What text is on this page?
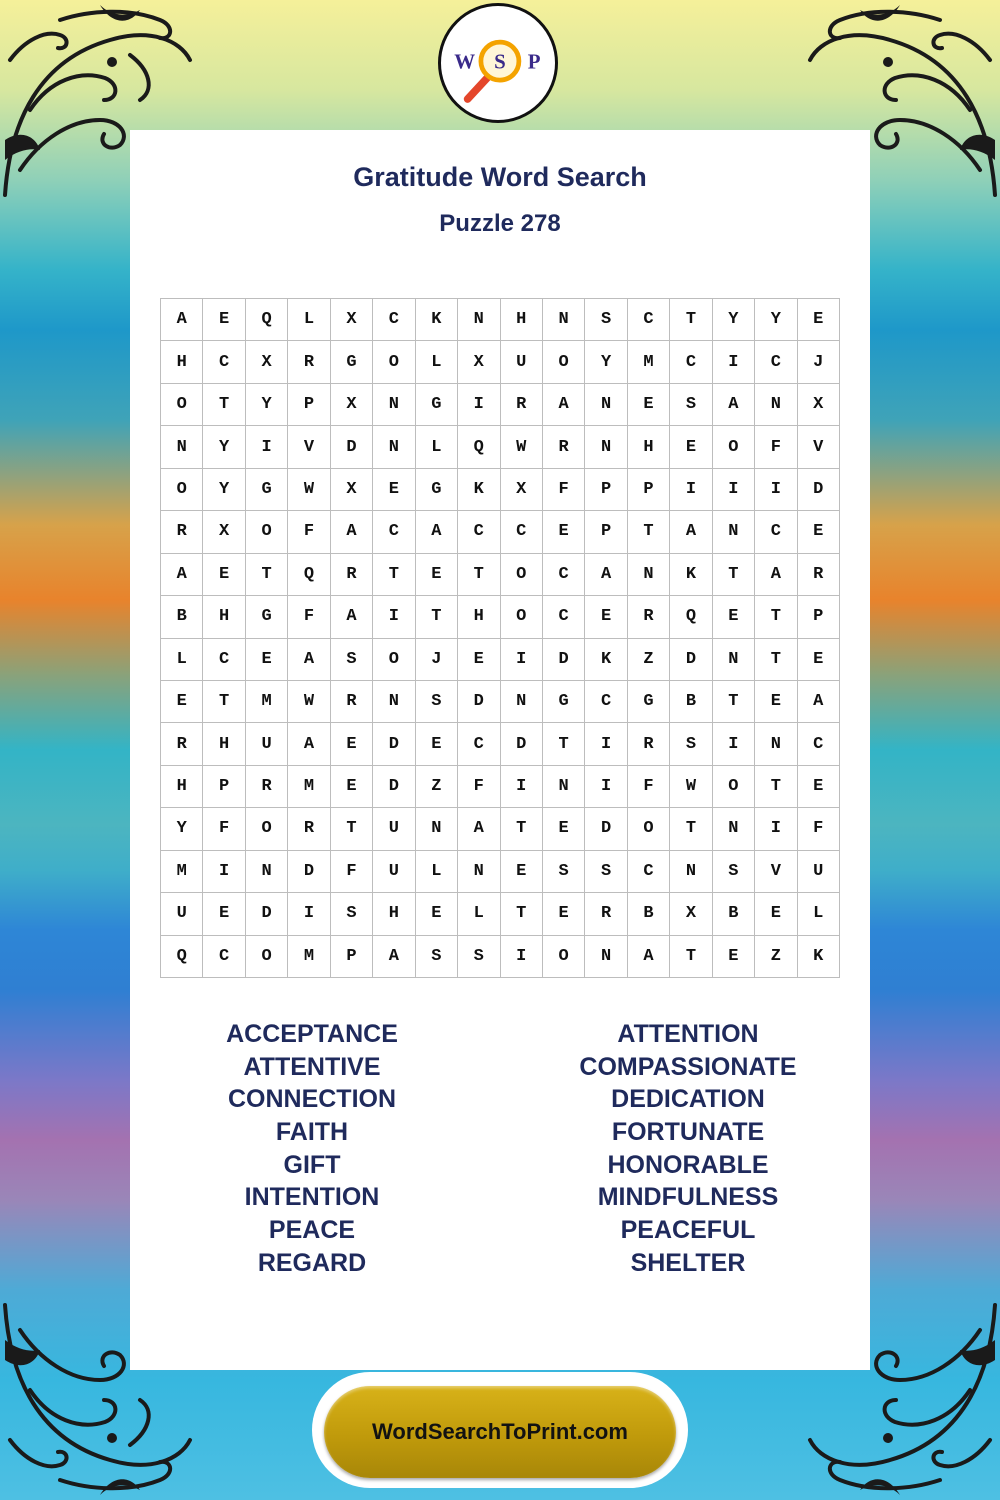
W S P
Gratitude Word Search
Puzzle 278
A	E	Q	L	X	C	K	N	H	N	S	C	T	Y	Y	E
H	C	X	R	G	O	L	X	U	O	Y	M	C	I	C	J
O	T	Y	P	X	N	G	I	R	A	N	E	S	A	N	X
N	Y	I	V	D	N	L	Q	W	R	N	H	E	O	F	V
O	Y	G	W	X	E	G	K	X	F	P	P	I	I	I	D
R	X	O	F	A	C	A	C	C	E	P	T	A	N	C	E
A	E	T	Q	R	T	E	T	O	C	A	N	K	T	A	R
B	H	G	F	A	I	T	H	O	C	E	R	Q	E	T	P
L	C	E	A	S	O	J	E	I	D	K	Z	D	N	T	E
E	T	M	W	R	N	S	D	N	G	C	G	B	T	E	A
R	H	U	A	E	D	E	C	D	T	I	R	S	I	N	C
H	P	R	M	E	D	Z	F	I	N	I	F	W	O	T	E
Y	F	O	R	T	U	N	A	T	E	D	O	T	N	I	F
M	I	N	D	F	U	L	N	E	S	S	C	N	S	V	U
U	E	D	I	S	H	E	L	T	E	R	B	X	B	E	L
Q	C	O	M	P	A	S	S	I	O	N	A	T	E	Z	K
ACCEPTANCE
ATTENTIVE
CONNECTION
FAITH
GIFT
INTENTION
PEACE
REGARD
ATTENTION
COMPASSIONATE
DEDICATION
FORTUNATE
HONORABLE
MINDFULNESS
PEACEFUL
SHELTER
WordSearchToPrint.com
